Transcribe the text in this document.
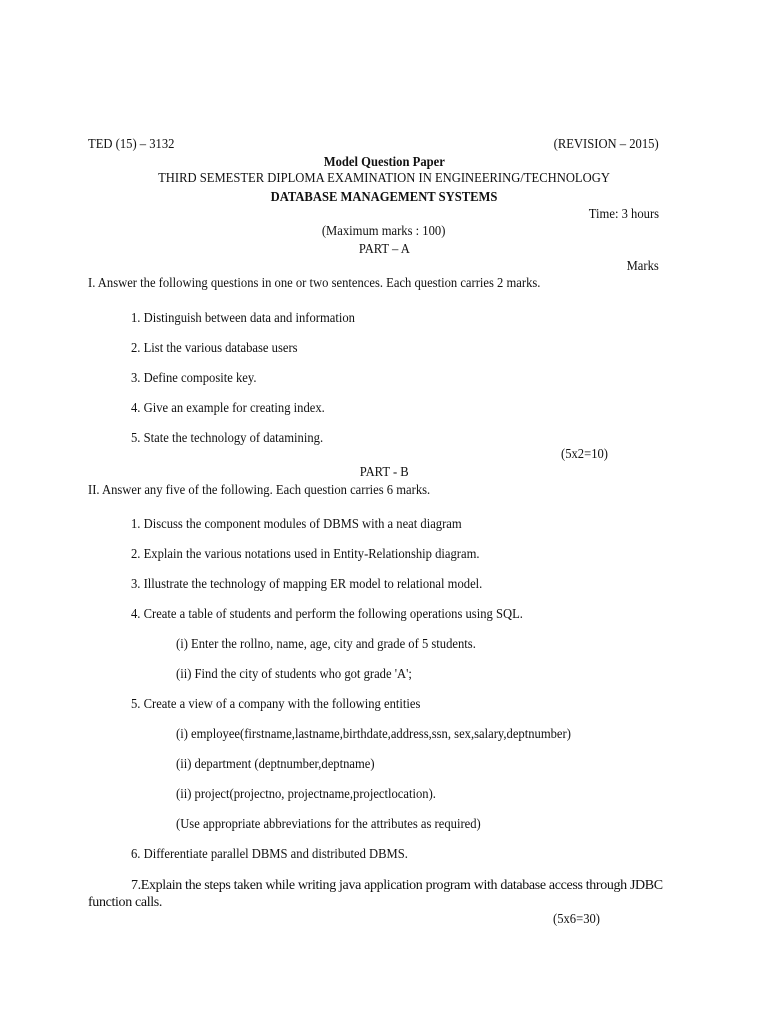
TED (15) – 3132	(REVISION – 2015)
Model Question Paper
THIRD SEMESTER DIPLOMA EXAMINATION IN ENGINEERING/TECHNOLOGY
DATABASE MANAGEMENT SYSTEMS
Time: 3 hours
(Maximum marks : 100)
PART – A
Marks
I. Answer the following questions in one or two sentences. Each question carries 2 marks.
1. Distinguish between data and information
2. List the various database users
3. Define composite key.
4. Give an example for creating index.
5. State the technology of datamining.
(5x2=10)
PART - B
II. Answer any five of the following. Each question carries 6 marks.
1. Discuss the component modules of DBMS with a neat diagram
2. Explain the various notations used in Entity-Relationship diagram.
3. Illustrate the technology of mapping ER model to relational model.
4. Create a table of students and perform the following operations using SQL.
(i) Enter the rollno, name, age, city and grade of 5 students.
(ii) Find the city of students who got grade 'A';
5. Create a view of a company with the following entities
(i) employee(firstname,lastname,birthdate,address,ssn, sex,salary,deptnumber)
(ii) department (deptnumber,deptname)
(ii) project(projectno, projectname,projectlocation).
(Use appropriate abbreviations for the attributes as required)
6. Differentiate parallel DBMS and distributed DBMS.
7.Explain the steps taken while writing java application program with database access through JDBC function calls.
(5x6=30)
